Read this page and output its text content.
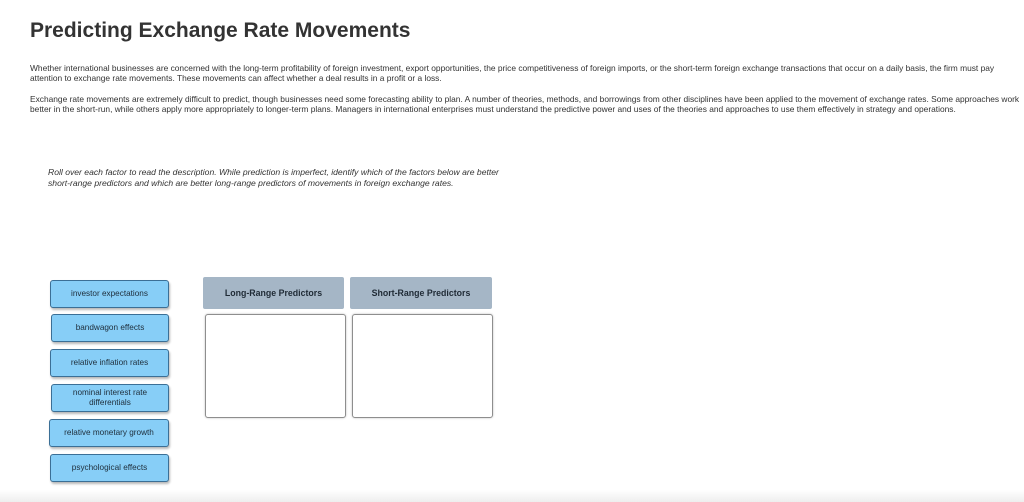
Predicting Exchange Rate Movements

Whether international businesses are concerned with the long-term profitability of foreign investment, export opportunities, the price competitiveness of foreign imports, or the short-term foreign exchange transactions that occur on a daily basis, the firm must pay attention to exchange rate movements. These movements can affect whether a deal results in a profit or a loss.

Exchange rate movements are extremely difficult to predict, though businesses need some forecasting ability to plan. A number of theories, methods, and borrowings from other disciplines have been applied to the movement of exchange rates. Some approaches work better in the short-run, while others apply more appropriately to longer-term plans. Managers in international enterprises must understand the predictive power and uses of the theories and approaches to use them effectively in strategy and operations.

Roll over each factor to read the description. While prediction is imperfect, identify which of the factors below are better short-range predictors and which are better long-range predictors of movements in foreign exchange rates.

investor expectations
bandwagon effects
relative inflation rates
nominal interest rate differentials
relative monetary growth
psychological effects
Long-Range Predictors	Short-Range Predictors
